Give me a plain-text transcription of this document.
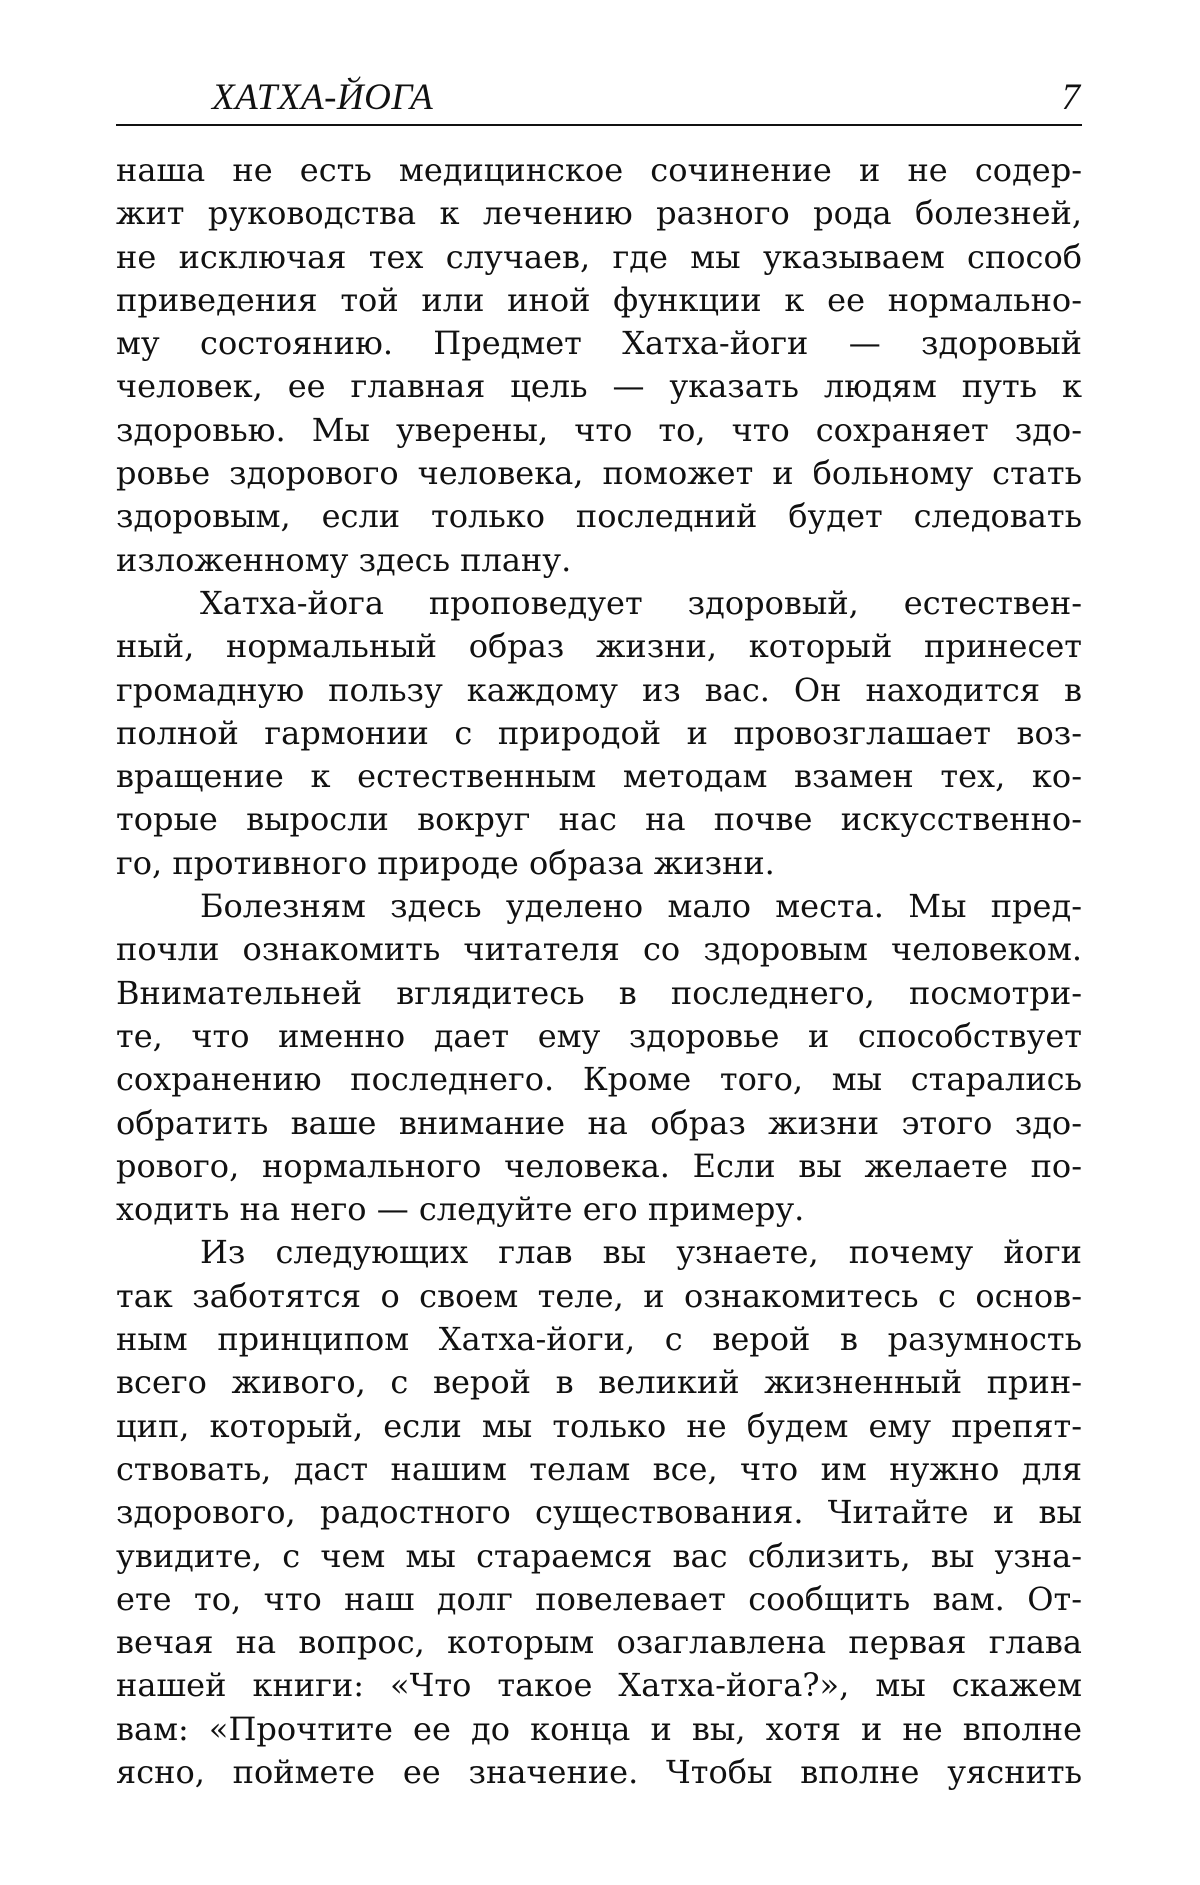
ХАТХА-ЙОГА	7
наша не есть медицинское сочинение и не содер-
жит руководства к лечению разного рода болезней,
не исключая тех случаев, где мы указываем способ
приведения той или иной функции к ее нормально-
му состоянию. Предмет Хатха-йоги — здоровый
человек, ее главная цель — указать людям путь к
здоровью. Мы уверены, что то, что сохраняет здо-
ровье здорового человека, поможет и больному стать
здоровым, если только последний будет следовать
изложенному здесь плану.
Хатха-йога проповедует здоровый, естествен-
ный, нормальный образ жизни, который принесет
громадную пользу каждому из вас. Он находится в
полной гармонии с природой и провозглашает воз-
вращение к естественным методам взамен тех, ко-
торые выросли вокруг нас на почве искусственно-
го, противного природе образа жизни.
Болезням здесь уделено мало места. Мы пред-
почли ознакомить читателя со здоровым человеком.
Внимательней вглядитесь в последнего, посмотри-
те, что именно дает ему здоровье и способствует
сохранению последнего. Кроме того, мы старались
обратить ваше внимание на образ жизни этого здо-
рового, нормального человека. Если вы желаете по-
ходить на него — следуйте его примеру.
Из следующих глав вы узнаете, почему йоги
так заботятся о своем теле, и ознакомитесь с основ-
ным принципом Хатха-йоги, с верой в разумность
всего живого, с верой в великий жизненный прин-
цип, который, если мы только не будем ему препят-
ствовать, даст нашим телам все, что им нужно для
здорового, радостного существования. Читайте и вы
увидите, с чем мы стараемся вас сблизить, вы узна-
ете то, что наш долг повелевает сообщить вам. От-
вечая на вопрос, которым озаглавлена первая глава
нашей книги: «Что такое Хатха-йога?», мы скажем
вам: «Прочтите ее до конца и вы, хотя и не вполне
ясно, поймете ее значение. Чтобы вполне уяснить
